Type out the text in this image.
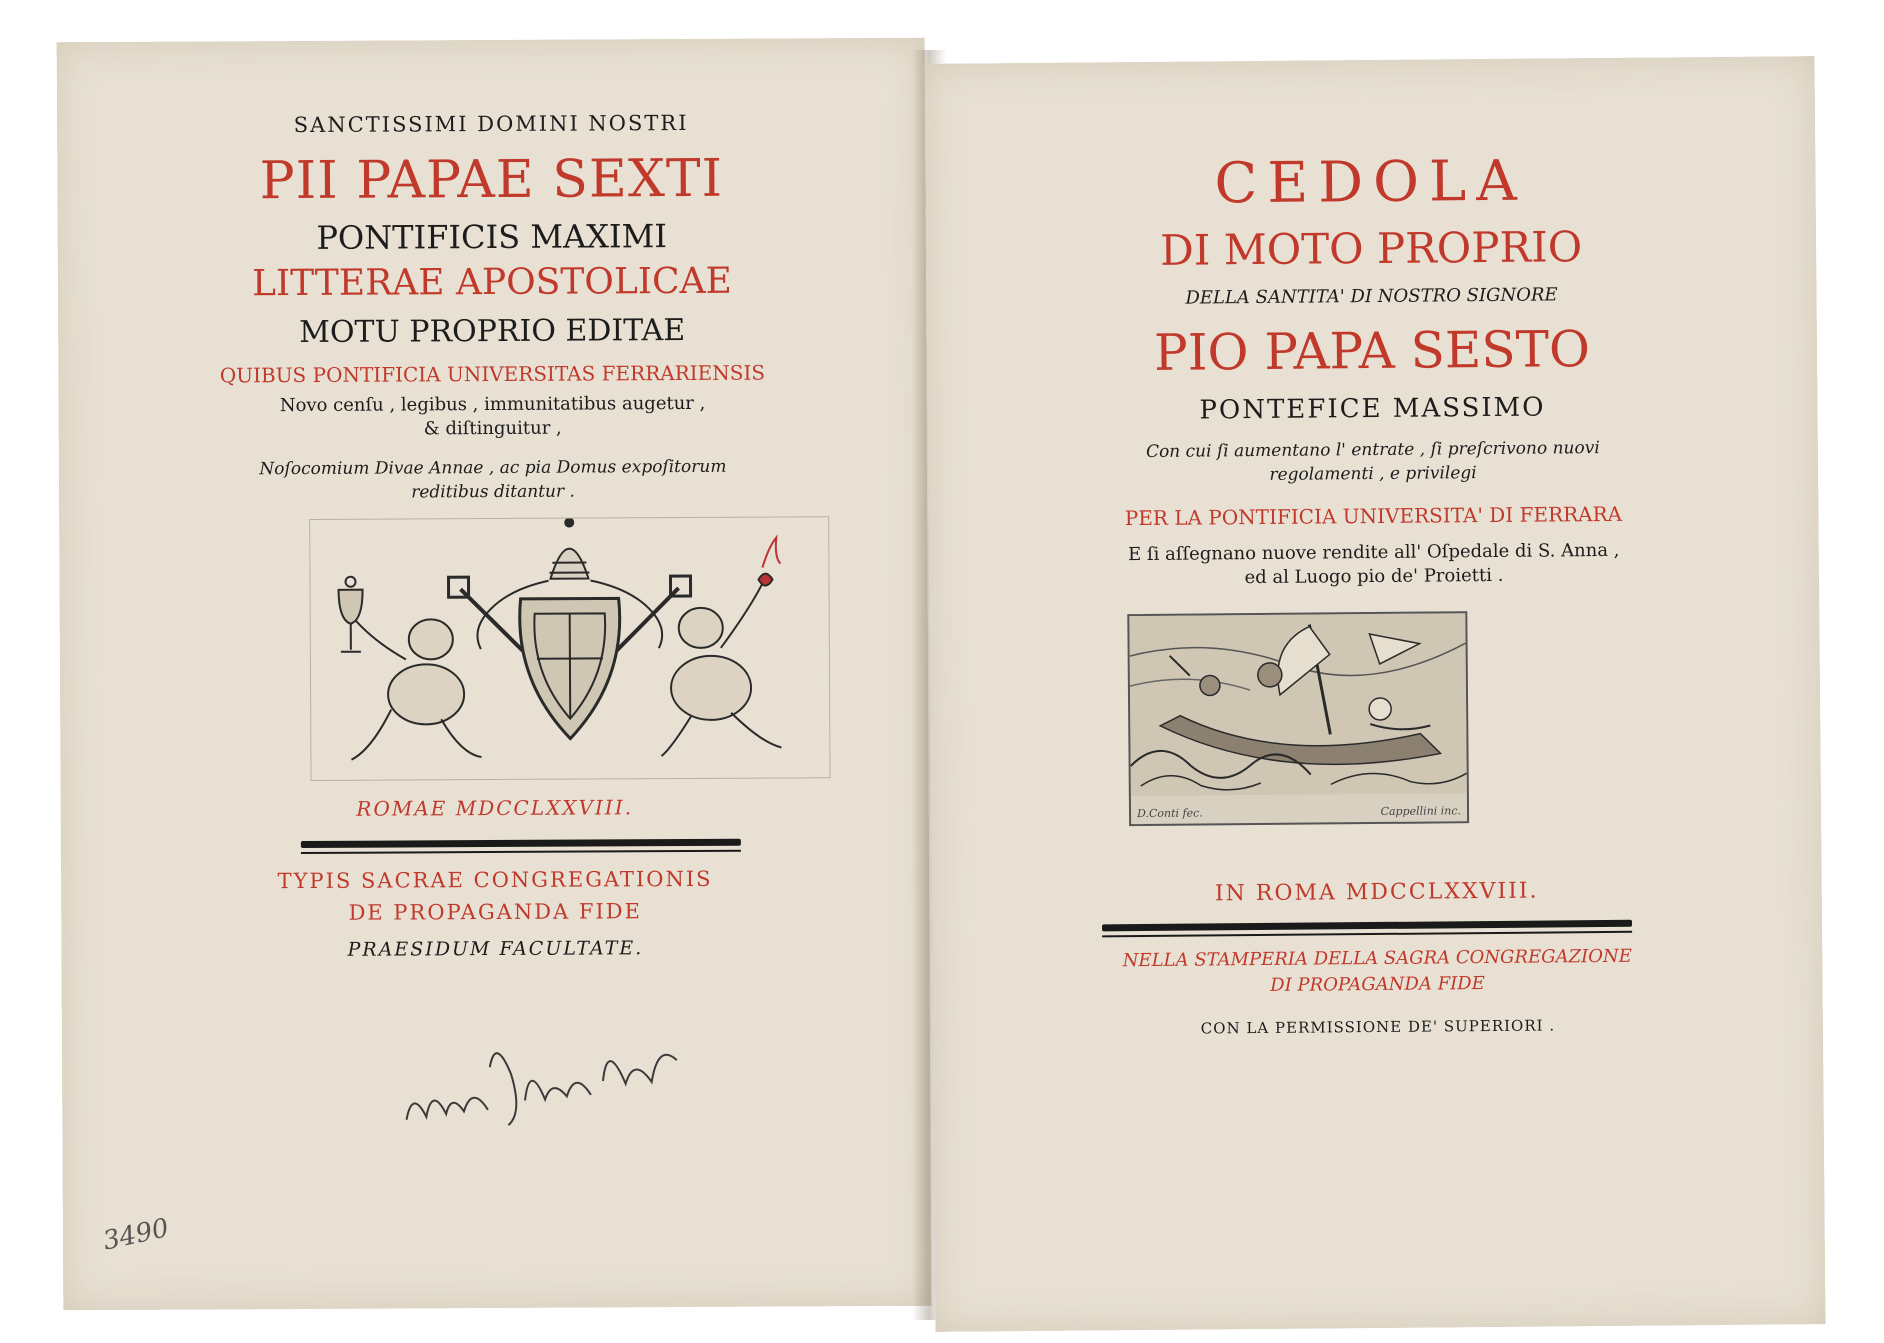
SANCTISSIMI DOMINI NOSTRI
PII PAPAE SEXTI
PONTIFICIS MAXIMI
LITTERAE APOSTOLICAE
MOTU PROPRIO EDITAE
QUIBUS PONTIFICIA UNIVERSITAS FERRARIENSIS
Novo cenſu , legibus , immunitatibus augetur ,
& diſtinguitur ,
Noſocomium Divae Annae , ac pia Domus expoſitorum
reditibus ditantur .
ROMAE MDCCLXXVIII.
TYPIS SACRAE CONGREGATIONIS
DE PROPAGANDA FIDE
PRAESIDUM FACULTATE.
3490
CEDOLA
DI MOTO PROPRIO
DELLA SANTITA' DI NOSTRO SIGNORE
PIO PAPA SESTO
PONTEFICE MASSIMO
Con cui ſi aumentano l' entrate , ſi preſcrivono nuovi
regolamenti , e privilegi
PER LA PONTIFICIA UNIVERSITA' DI FERRARA
E ſi aſſegnano nuove rendite all' Oſpedale di S. Anna ,
ed al Luogo pio de' Proietti .
D.Conti fec.	Cappellini inc.
IN ROMA MDCCLXXVIII.
NELLA STAMPERIA DELLA SAGRA CONGREGAZIONE
DI PROPAGANDA FIDE
CON LA PERMISSIONE DE' SUPERIORI .
